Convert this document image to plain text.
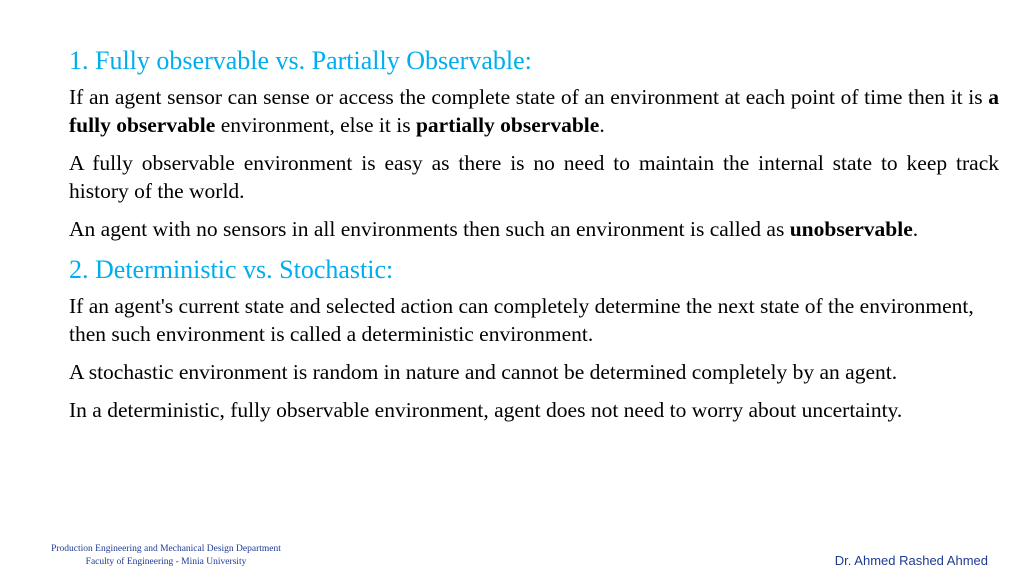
1. Fully observable vs. Partially Observable:
If an agent sensor can sense or access the complete state of an environment at each point of time then it is a fully observable environment, else it is partially observable.
A fully observable environment is easy as there is no need to maintain the internal state to keep track history of the world.
An agent with no sensors in all environments then such an environment is called as unobservable.
2. Deterministic vs. Stochastic:
If an agent's current state and selected action can completely determine the next state of the environment, then such environment is called a deterministic environment.
A stochastic environment is random in nature and cannot be determined completely by an agent.
In a deterministic, fully observable environment, agent does not need to worry about uncertainty.
Production Engineering and Mechanical Design Department
Faculty of Engineering - Minia University	Dr. Ahmed Rashed Ahmed
